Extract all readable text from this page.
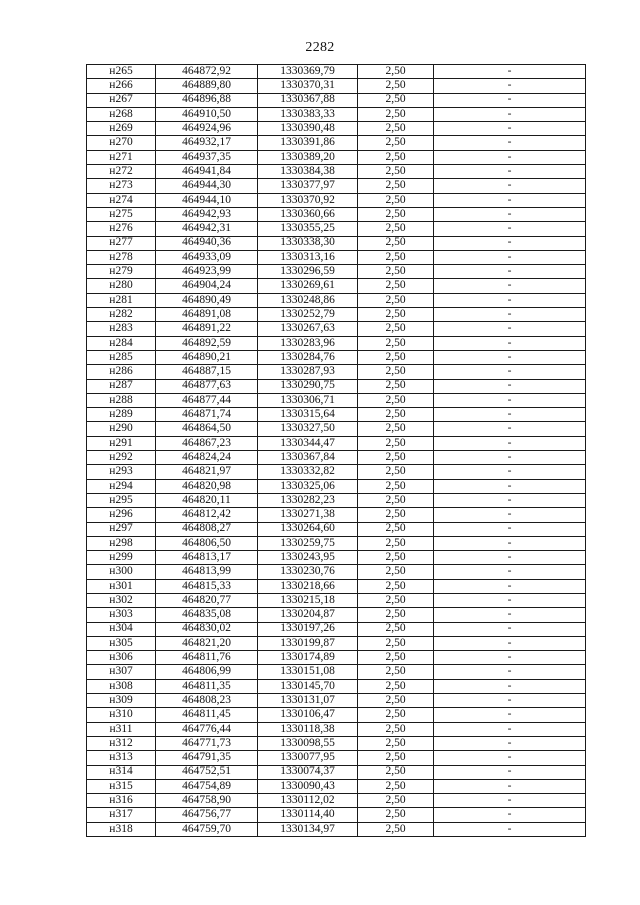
2282
н265	464872,92	1330369,79	2,50	-
н266	464889,80	1330370,31	2,50	-
н267	464896,88	1330367,88	2,50	-
н268	464910,50	1330383,33	2,50	-
н269	464924,96	1330390,48	2,50	-
н270	464932,17	1330391,86	2,50	-
н271	464937,35	1330389,20	2,50	-
н272	464941,84	1330384,38	2,50	-
н273	464944,30	1330377,97	2,50	-
н274	464944,10	1330370,92	2,50	-
н275	464942,93	1330360,66	2,50	-
н276	464942,31	1330355,25	2,50	-
н277	464940,36	1330338,30	2,50	-
н278	464933,09	1330313,16	2,50	-
н279	464923,99	1330296,59	2,50	-
н280	464904,24	1330269,61	2,50	-
н281	464890,49	1330248,86	2,50	-
н282	464891,08	1330252,79	2,50	-
н283	464891,22	1330267,63	2,50	-
н284	464892,59	1330283,96	2,50	-
н285	464890,21	1330284,76	2,50	-
н286	464887,15	1330287,93	2,50	-
н287	464877,63	1330290,75	2,50	-
н288	464877,44	1330306,71	2,50	-
н289	464871,74	1330315,64	2,50	-
н290	464864,50	1330327,50	2,50	-
н291	464867,23	1330344,47	2,50	-
н292	464824,24	1330367,84	2,50	-
н293	464821,97	1330332,82	2,50	-
н294	464820,98	1330325,06	2,50	-
н295	464820,11	1330282,23	2,50	-
н296	464812,42	1330271,38	2,50	-
н297	464808,27	1330264,60	2,50	-
н298	464806,50	1330259,75	2,50	-
н299	464813,17	1330243,95	2,50	-
н300	464813,99	1330230,76	2,50	-
н301	464815,33	1330218,66	2,50	-
н302	464820,77	1330215,18	2,50	-
н303	464835,08	1330204,87	2,50	-
н304	464830,02	1330197,26	2,50	-
н305	464821,20	1330199,87	2,50	-
н306	464811,76	1330174,89	2,50	-
н307	464806,99	1330151,08	2,50	-
н308	464811,35	1330145,70	2,50	-
н309	464808,23	1330131,07	2,50	-
н310	464811,45	1330106,47	2,50	-
н311	464776,44	1330118,38	2,50	-
н312	464771,73	1330098,55	2,50	-
н313	464791,35	1330077,95	2,50	-
н314	464752,51	1330074,37	2,50	-
н315	464754,89	1330090,43	2,50	-
н316	464758,90	1330112,02	2,50	-
н317	464756,77	1330114,40	2,50	-
н318	464759,70	1330134,97	2,50	-
